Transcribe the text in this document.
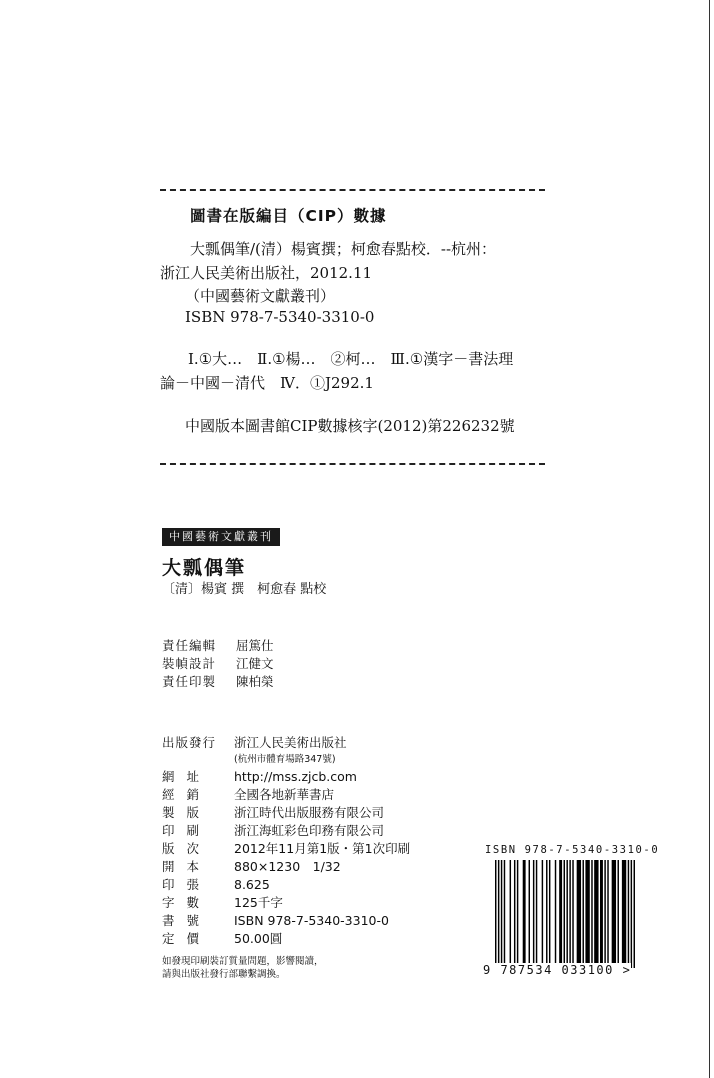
圖書在版編目（CIP）數據
大瓢偶筆/(清）楊賓撰；柯愈春點校．--杭州：
浙江人民美術出版社，2012.11
（中國藝術文獻叢刊）
ISBN 978-7-5340-3310-0
Ⅰ.①大…　Ⅱ.①楊…　②柯…　Ⅲ.①漢字－書法理
論－中國－清代　Ⅳ．①J292.1
中國版本圖書館CIP數據核字(2012)第226232號
中國藝術文獻叢刊
大瓢偶筆
〔清〕楊賓 撰　柯愈春 點校
責任編輯 屈篤仕
裝幀設計 江健文
責任印製 陳柏榮
出版發行 浙江人民美術出版社
(杭州市體育場路347號)
網址 http://mss.zjcb.com
經銷 全國各地新華書店
製版 浙江時代出版服務有限公司
印刷 浙江海虹彩色印務有限公司
版次 2012年11月第1版・第1次印刷
開本 880×1230　1/32
印張 8.625
字數 125千字
書號 ISBN 978-7-5340-3310-0
定價 50.00圓
如發現印刷裝訂質量問題，影響閱讀，
請與出版社發行部聯繫調換。
ISBN 978-7-5340-3310-0
9 787534 033100 >
